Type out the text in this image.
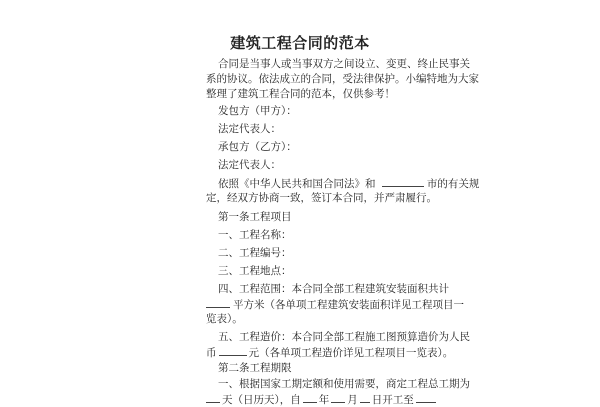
建筑工程合同的范本
合同是当事人或当事双方之间设立、变更、终止民事关
系的协议。依法成立的合同，受法律保护。小编特地为大家
整理了建筑工程合同的范本，仅供参考！
发包方（甲方）：
法定代表人：
承包方（乙方）：
法定代表人：
依照《中华人民共和国合同法》和	市的有关规
定，经双方协商一致，签订本合同，并严肃履行。
第一条工程项目
一、工程名称：
二、工程编号：
三、工程地点：
四、工程范围：本合同全部工程建筑安装面积共计
平方米（各单项工程建筑安装面积详见工程项目一
览表）。
五、工程造价：本合同全部工程施工图预算造价为人民
币	元（各单项工程造价详见工程项目一览表）。
第二条工程期限
一、根据国家工期定额和使用需要，商定工程总工期为
天（日历天），自 年 月 日开工至
